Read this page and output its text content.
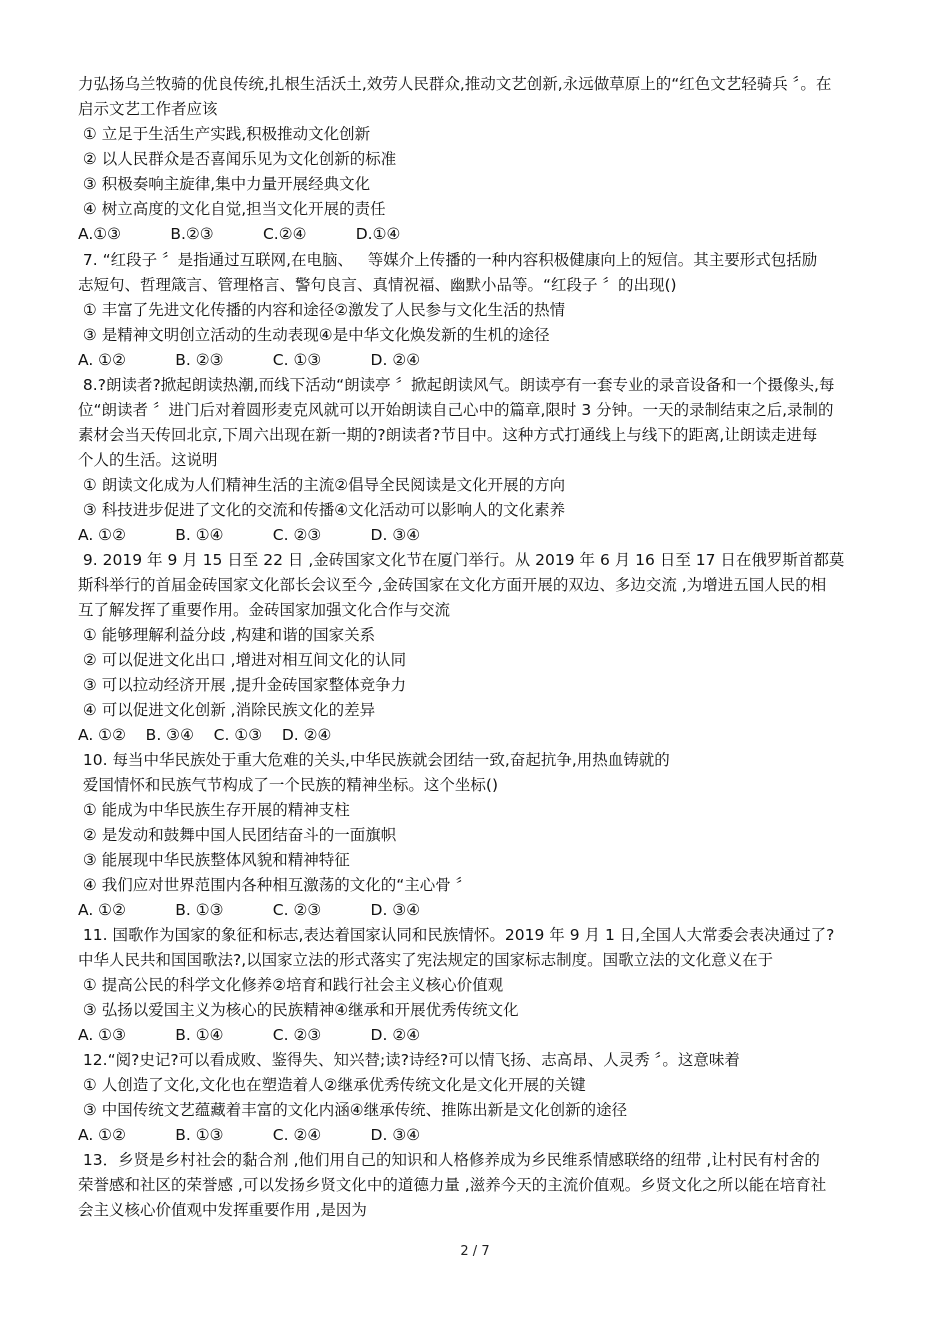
力弘扬乌兰牧骑的优良传统,扎根生活沃土,效劳人民群众,推动文艺创新,永远做草原上的“红色文艺轻骑兵 〞。在
启示文艺工作者应该
① 立足于生活生产实践,积极推动文化创新
② 以人民群众是否喜闻乐见为文化创新的标准
③ 积极奏响主旋律,集中力量开展经典文化
④ 树立高度的文化自觉,担当文化开展的责任
A.①③          B.②③          C.②④          D.①④
7. “红段子 〞是指通过互联网,在电脑、   等媒介上传播的一种内容积极健康向上的短信。其主要形式包括励
志短句、哲理箴言、管理格言、警句良言、真情祝福、幽默小品等。“红段子 〞的出现()
① 丰富了先进文化传播的内容和途径②激发了人民参与文化生活的热情
③ 是精神文明创立活动的生动表现④是中华文化焕发新的生机的途径
A. ①②          B. ②③          C. ①③          D. ②④
8.?朗读者?掀起朗读热潮,而线下活动“朗读亭 〞掀起朗读风气。朗读亭有一套专业的录音设备和一个摄像头,每
位“朗读者 〞进门后对着圆形麦克风就可以开始朗读自己心中的篇章,限时 3 分钟。一天的录制结束之后,录制的
素材会当天传回北京,下周六出现在新一期的?朗读者?节目中。这种方式打通线上与线下的距离,让朗读走进每
个人的生活。这说明
① 朗读文化成为人们精神生活的主流②倡导全民阅读是文化开展的方向
③ 科技进步促进了文化的交流和传播④文化活动可以影响人的文化素养
A. ①②          B. ①④          C. ②③          D. ③④
9. 2019 年 9 月 15 日至 22 日 ,金砖国家文化节在厦门举行。从 2019 年 6 月 16 日至 17 日在俄罗斯首都莫
斯科举行的首届金砖国家文化部长会议至今 ,金砖国家在文化方面开展的双边、多边交流 ,为增进五国人民的相
互了解发挥了重要作用。金砖国家加强文化合作与交流
① 能够理解利益分歧 ,构建和谐的国家关系
② 可以促进文化出口 ,增进对相互间文化的认同
③ 可以拉动经济开展 ,提升金砖国家整体竞争力
④ 可以促进文化创新 ,消除民族文化的差异
A. ①②    B. ③④    C. ①③    D. ②④
10. 每当中华民族处于重大危难的关头,中华民族就会团结一致,奋起抗争,用热血铸就的
爱国情怀和民族气节构成了一个民族的精神坐标。这个坐标()
① 能成为中华民族生存开展的精神支柱
② 是发动和鼓舞中国人民团结奋斗的一面旗帜
③ 能展现中华民族整体风貌和精神特征
④ 我们应对世界范围内各种相互激荡的文化的“主心骨 〞
A. ①②          B. ①③          C. ②③          D. ③④
11. 国歌作为国家的象征和标志,表达着国家认同和民族情怀。2019 年 9 月 1 日,全国人大常委会表决通过了?
中华人民共和国国歌法?,以国家立法的形式落实了宪法规定的国家标志制度。国歌立法的文化意义在于
① 提高公民的科学文化修养②培育和践行社会主义核心价值观
③ 弘扬以爱国主义为核心的民族精神④继承和开展优秀传统文化
A. ①③          B. ①④          C. ②③          D. ②④
12.“阅?史记?可以看成败、鉴得失、知兴替;读?诗经?可以情飞扬、志高昂、人灵秀 〞。这意味着
① 人创造了文化,文化也在塑造着人②继承优秀传统文化是文化开展的关键
③ 中国传统文艺蕴藏着丰富的文化内涵④继承传统、推陈出新是文化创新的途径
A. ①②          B. ①③          C. ②④          D. ③④
13．乡贤是乡村社会的黏合剂 ,他们用自己的知识和人格修养成为乡民维系情感联络的纽带 ,让村民有村舍的
荣誉感和社区的荣誉感 ,可以发扬乡贤文化中的道德力量 ,滋养今天的主流价值观。乡贤文化之所以能在培育社
会主义核心价值观中发挥重要作用 ,是因为
2 / 7
